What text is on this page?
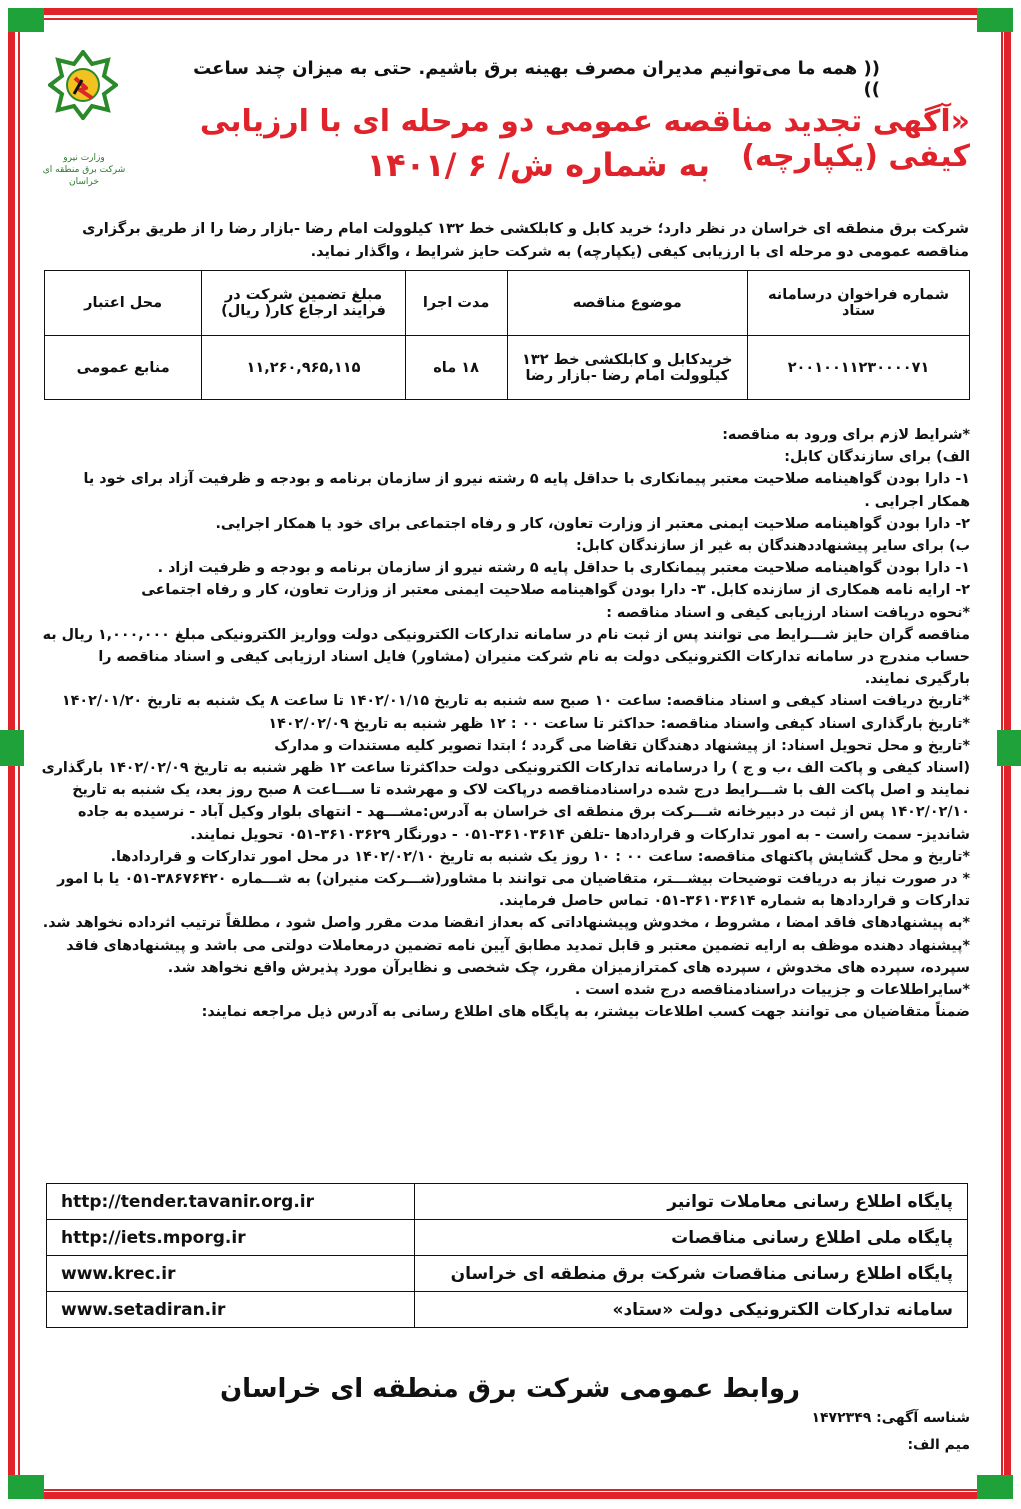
وزارت نیرو
شرکت برق منطقه ای خراسان
(( همه ما می‌توانیم مدیران مصرف بهینه برق باشیم. حتی به میزان چند ساعت ))
«آگهی تجدید مناقصه عمومی دو مرحله ای با ارزیابی کیفی (یکپارچه)
به شماره ش/ ۶ /۱۴۰۱
شرکت برق منطقه ای خراسان در نظر دارد؛ خرید کابل و کابلکشی خط ۱۳۲ کیلوولت امام رضا -بازار رضا را از طریق برگزاری مناقصه عمومی دو مرحله ای با ارزیابی کیفی (یکپارچه) به شرکت حایز شرایط ، واگذار نماید.
شماره فراخوان درسامانه ستاد	موضوع مناقصه	مدت اجرا	مبلغ تضمین شرکت در فرایند ارجاع کار( ریال)	محل اعتبار
۲۰۰۱۰۰۱۱۲۳۰۰۰۰۷۱	خریدکابل و کابلکشی خط ۱۳۲ کیلوولت امام رضا -بازار رضا	۱۸ ماه	۱۱,۲۶۰,۹۶۵,۱۱۵	منابع عمومی

*شرایط لازم برای ورود به مناقصه:

الف) برای سازندگان کابل:

۱- دارا بودن گواهینامه صلاحیت معتبر پیمانکاری با حداقل پایه ۵ رشته نیرو از سازمان برنامه و بودجه و ظرفیت آزاد برای خود یا همکار اجرایی .

۲- دارا بودن گواهینامه صلاحیت ایمنی معتبر از وزارت تعاون، کار و رفاه اجتماعی برای خود یا همکار اجرایی.

ب) برای سایر پیشنهاددهندگان به غیر از سازندگان کابل:

۱- دارا بودن گواهینامه صلاحیت معتبر پیمانکاری با حداقل پایه ۵ رشته نیرو از سازمان برنامه و بودجه و ظرفیت ازاد .

۲- ارایه نامه همکاری از سازنده کابل. ۳- دارا بودن گواهینامه صلاحیت ایمنی معتبر از وزارت تعاون، کار و رفاه اجتماعی

*نحوه دریافت اسناد ارزیابی کیفی و اسناد مناقصه :

مناقصه گران حایز شـــرایط می توانند پس از ثبت نام در سامانه تدارکات الکترونیکی دولت وواریز الکترونیکی مبلغ ۱,۰۰۰,۰۰۰ ریال به حساب مندرج در سامانه تدارکات الکترونیکی دولت به نام شرکت منیران (مشاور) فایل اسناد ارزیابی کیفی و اسناد مناقصه را بارگیری نمایند.

*تاریخ دریافت اسناد کیفی و اسناد مناقصه: ساعت ۱۰ صبح سه شنبه به تاریخ ۱۴۰۲/۰۱/۱۵ تا ساعت ۸ یک شنبه به تاریخ ۱۴۰۲/۰۱/۲۰

*تاریخ بارگذاری اسناد کیفی واسناد مناقصه: حداکثر تا ساعت ۰۰ : ۱۲ ظهر شنبه به تاریخ ۱۴۰۲/۰۲/۰۹

*تاریخ و محل تحویل اسناد: از پیشنهاد دهندگان تقاضا می گردد ؛ ابتدا تصویر کلیه مستندات و مدارک

(اسناد کیفی و پاکت الف ،ب و ج ) را درسامانه تدارکات الکترونیکی دولت حداکثرتا ساعت ۱۲ ظهر شنبه به تاریخ ۱۴۰۲/۰۲/۰۹ بارگذاری نمایند و اصل پاکت الف با شـــرایط درج شده دراسنادمناقصه درپاکت لاک و مهرشده تا ســـاعت ۸ صبح روز بعد، یک شنبه به تاریخ ۱۴۰۲/۰۲/۱۰ پس از ثبت در دبیرخانه شـــرکت برق منطقه ای خراسان به آدرس:مشـــهد - انتهای بلوار وکیل آباد - نرسیده به جاده شاندیز- سمت راست - به امور تدارکات و قراردادها -تلفن ۳۶۱۰۳۶۱۴-۰۵۱ - دورنگار ۳۶۱۰۳۶۲۹-۰۵۱ تحویل نمایند.

*تاریخ و محل گشایش پاکتهای مناقصه: ساعت ۰۰ : ۱۰ روز یک شنبه به تاریخ ۱۴۰۲/۰۲/۱۰ در محل امور تدارکات و قراردادها.

* در صورت نیاز به دریافت توضیحات بیشـــتر، متقاضیان می توانند با مشاور(شـــرکت منیران) به شـــماره ۳۸۶۷۶۴۲۰-۰۵۱ یا با امور تدارکات و قراردادها به شماره ۳۶۱۰۳۶۱۴-۰۵۱ تماس حاصل فرمایند.

*به پیشنهادهای فاقد امضا ، مشروط ، مخدوش وپیشنهاداتی که بعداز انقضا مدت مقرر واصل شود ، مطلقاً ترتیب اثرداده نخواهد شد.

*پیشنهاد دهنده موظف به ارایه تضمین معتبر و قابل تمدید مطابق آیین نامه تضمین درمعاملات دولتی می باشد و پیشنهادهای فاقد سپرده، سپرده های مخدوش ، سپرده های کمترازمیزان مقرر، چک شخصی و نظایرآن مورد پذیرش واقع نخواهد شد.

*سایراطلاعات و جزییات دراسنادمناقصه درج شده است .

ضمناً متقاضیان می توانند جهت کسب اطلاعات بیشتر، به پایگاه های اطلاع رسانی به آدرس ذیل مراجعه نمایند:

http://tender.tavanir.org.ir	پایگاه اطلاع رسانی معاملات توانیر
http://iets.mporg.ir	پایگاه ملی اطلاع رسانی مناقصات
www.krec.ir	پایگاه اطلاع رسانی مناقصات شرکت برق منطقه ای خراسان
www.setadiran.ir	سامانه تدارکات الکترونیکی دولت «ستاد»
روابط عمومی شرکت برق منطقه ای خراسان
شناسه آگهی: ۱۴۷۲۳۴۹
میم الف:
